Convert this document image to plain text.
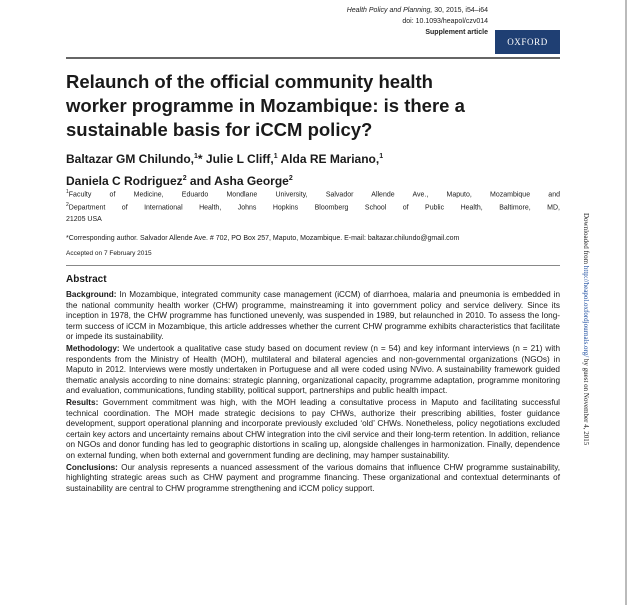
Health Policy and Planning, 30, 2015, i54–i64
doi: 10.1093/heapol/czv014
Supplement article
OXFORD
Relaunch of the official community health worker programme in Mozambique: is there a sustainable basis for iCCM policy?
Baltazar GM Chilundo,$^1$* Julie L Cliff,$^1$ Alda RE Mariano,$^1$
Daniela C Rodriguez$^2$ and Asha George$^2$
$^1$Faculty of Medicine, Eduardo Mondlane University, Salvador Allende Ave., Maputo, Mozambique and
$^2$Department of International Health, Johns Hopkins Bloomberg School of Public Health, Baltimore, MD,
21205 USA
*Corresponding author. Salvador Allende Ave. # 702, PO Box 257, Maputo, Mozambique. E-mail: baltazar.chilundo@gmail.com
Accepted on 7 February 2015
Abstract

Background: In Mozambique, integrated community case management (iCCM) of diarrhoea, malaria and pneumonia is embedded in the national community health worker (CHW) programme, mainstreaming it into government policy and service delivery. Since its inception in 1978, the CHW programme has functioned unevenly, was suspended in 1989, but relaunched in 2010. To assess the long-term success of iCCM in Mozambique, this article addresses whether the current CHW programme exhibits characteristics that facilitate or impede its sustainability.

Methodology: We undertook a qualitative case study based on document review (n = 54) and key informant interviews (n = 21) with respondents from the Ministry of Health (MOH), multilateral and bilateral agencies and non-governmental organizations (NGOs) in Maputo in 2012. Interviews were mostly undertaken in Portuguese and all were coded using NVivo. A sustainability framework guided thematic analysis according to nine domains: strategic planning, organizational capacity, programme adaptation, programme monitoring and evaluation, communications, funding stability, political support, partnerships and public health impact.

Results: Government commitment was high, with the MOH leading a consultative process in Maputo and facilitating successful technical coordination. The MOH made strategic decisions to pay CHWs, authorize their prescribing abilities, foster guidance development, support operational planning and incorporate previously excluded ‘old’ CHWs. Nonetheless, policy negotiations excluded certain key actors and uncertainty remains about CHW integration into the civil service and their long-term retention. In addition, reliance on NGOs and donor funding has led to geographic distortions in scaling up, alongside challenges in harmonization. Finally, dependence on external funding, when both external and government funding are declining, may hamper sustainability.

Conclusions: Our analysis represents a nuanced assessment of the various domains that influence CHW programme sustainability, highlighting strategic areas such as CHW payment and programme financing. These organizational and contextual determinants of sustainability are central to CHW programme strengthening and iCCM policy support.

Downloaded from http://heapol.oxfordjournals.org/ by guest on November 4, 2015
